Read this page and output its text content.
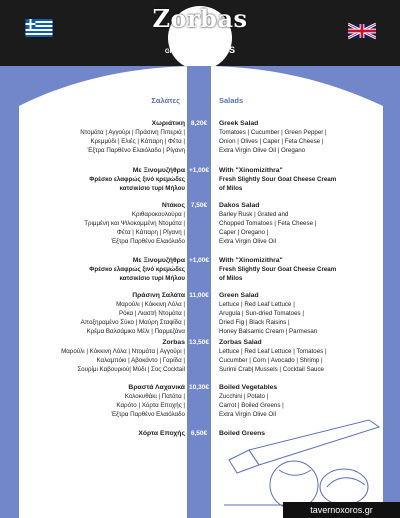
Zorbas
Greek Tavern MILOS
Σαλάτες	Salads
Χωριάτικη
Ντομάτα | Αγγούρι | Πράσινη Πιπεριά |
Κρεμμύδι | Ελιές | Κάπαρη | Φέτα |
Έξτρα Παρθένο Ελαιόλαδο | Ρίγανη
Greek Salad
Tomatoes | Cucumber | Green Pepper |
Onion | Olives | Caper | Feta Cheese |
Extra Virgin Olive Oil | Oregano
8,20€
Με Ξινομυζήθρα
Φρέσκο ελαφρώς ξινό κρεμώδες
κατσικίσιο τυρί Μήλου
With "Xinomizithra"
Fresh Slightly Sour Goat Cheese Cream
of Milos
+1,00€
Ντάκος
Κριθαροκουλούρα |
Τριμμένη και Ψιλοκομμένη Ντομάτα |
Φέτα | Κάπαρη | Ρίγανη |
Έξτρα Παρθένο Ελαιόλαδο
Dakos Salad
Barley Rusk | Grated and
Chopped Tomatoes | Feta Cheese |
Caper | Oregano |
Extra Virgin Olive Oil
7,50€
Με Ξινομυζήθρα
Φρέσκο ελαφρώς ξινό κρεμώδες
κατσικίσιο τυρί Μήλου
With "Xinomizithra"
Fresh Slightly Sour Goat Cheese Cream
of Milos
+1,00€
Πράσινη Σαλάτα
Μαρούλι | Κόκκινη Λόλα |
Ρόκα | Λιαστή Ντομάτα |
Αποξηραμένο Σύκο | Μαύρη Σταφίδα |
Κρέμα Βαλσάμικο Μέλι | Παρμεζάνα
Green Salad
Lettuce | Red Leaf Lettuce |
Arugula | Sun-dried Tomatoes |
Dried Fig | Black Raisins |
Honey Balsamic Cream | Parmesan
11,00€
Zorbas
Μαρούλι | Κόκκινη Λόλα | Ντομάτα | Αγγούρι |
Καλαμπόκι | Αβοκάντο | Γαρίδα |
Σουρίμι Καβουριού| Μύδι | Σος Cocktail
Zorbas Salad
Lettuce | Red Leaf Lettuce | Tomatoes |
Cucumber | Corn | Avocado | Shrimp |
Surimi Crab| Mussels | Cocktail Sauce
13,50€
Βραστά Λαχανικά
Κολοκυθάκι | Πατάτα |
Καρότο | Χόρτα Εποχής |
Έξτρα Παρθένο Ελαιόλαδο
Boiled Vegetables
Zucchini | Potato |
Carrot | Boiled Greens |
Extra Virgin Olive Oil
10,30€
Χόρτα Εποχής	Boiled Greens
6,50€
tavernoxoros.gr
